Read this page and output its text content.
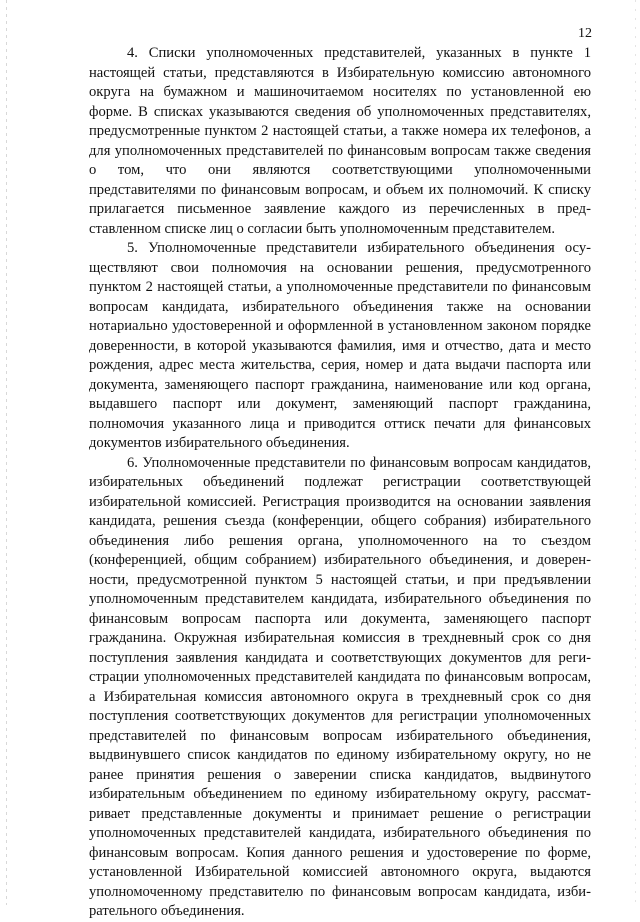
12

4. Списки уполномоченных представителей, указанных в пункте 1 настоящей статьи, представляются в Избирательную комиссию автономного округа на бумажном и машиночитаемом носителях по установленной ею форме. В списках указываются сведения об уполномоченных представителях, предусмотренные пунктом 2 настоящей статьи, а также номера их телефонов, а для уполномоченных представителей по финансовым вопросам также сведения о том, что они являются соответствующими уполномоченными представителями по финансовым вопросам, и объем их полномочий. К списку прилагается письменное заявление каждого из перечисленных в представленном списке лиц о согласии быть уполномоченным представителем.

5. Уполномоченные представители избирательного объединения осуществляют свои полномочия на основании решения, предусмотренного пунктом 2 настоящей статьи, а уполномоченные представители по финансовым вопросам кандидата, избирательного объединения также на основании нотариально удостоверенной и оформленной в установленном законом порядке доверенности, в которой указываются фамилия, имя и отчество, дата и место рождения, адрес места жительства, серия, номер и дата выдачи паспорта или документа, заменяющего паспорт гражданина, наименование или код органа, выдавшего паспорт или документ, заменяющий паспорт гражданина, полномочия указанного лица и приводится оттиск печати для финансовых документов избирательного объединения.

6. Уполномоченные представители по финансовым вопросам кандидатов, избирательных объединений подлежат регистрации соответствующей избирательной комиссией. Регистрация производится на основании заявления кандидата, решения съезда (конференции, общего собрания) избирательного объединения либо решения органа, уполномоченного на то съездом (конференцией, общим собранием) избирательного объединения, и доверенности, предусмотренной пунктом 5 настоящей статьи, и при предъявлении уполномоченным представителем кандидата, избирательного объединения по финансовым вопросам паспорта или документа, заменяющего паспорт гражданина. Окружная избирательная комиссия в трехдневный срок со дня поступления заявления кандидата и соответствующих документов для регистрации уполномоченных представителей кандидата по финансовым вопросам, а Избирательная комиссия автономного округа в трехдневный срок со дня поступления соответствующих документов для регистрации уполномоченных представителей по финансовым вопросам избирательного объединения, выдвинувшего список кандидатов по единому избирательному округу, но не ранее принятия решения о заверении списка кандидатов, выдвинутого избирательным объединением по единому избирательному округу, рассматривает представленные документы и принимает решение о регистрации уполномоченных представителей кандидата, избирательного объединения по финансовым вопросам. Копия данного решения и удостоверение по форме, установленной Избирательной комиссией автономного округа, выдаются уполномоченному представителю по финансовым вопросам кандидата, избирательного объединения.
